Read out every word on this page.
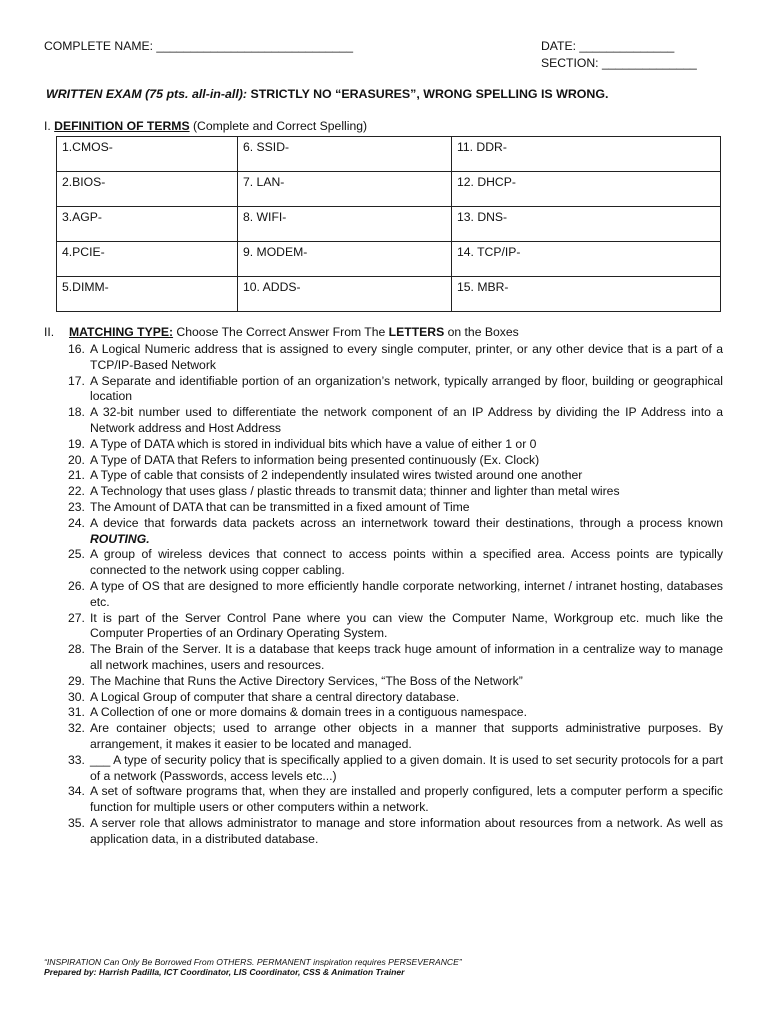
COMPLETE NAME: _____________________________	DATE: ______________
SECTION: ______________
WRITTEN EXAM (75 pts. all-in-all): STRICTLY NO “ERASURES”, WRONG SPELLING IS WRONG.
I. DEFINITION OF TERMS (Complete and Correct Spelling)
1.CMOS-	6. SSID-	11. DDR-
2.BIOS-	7. LAN-	12. DHCP-
3.AGP-	8. WIFI-	13. DNS-
4.PCIE-	9. MODEM-	14. TCP/IP-
5.DIMM-	10. ADDS-	15. MBR-
II. MATCHING TYPE: Choose The Correct Answer From The LETTERS on the Boxes
16. A Logical Numeric address that is assigned to every single computer, printer, or any other device that is a part of a TCP/IP-Based Network
17. A Separate and identifiable portion of an organization’s network, typically arranged by floor, building or geographical location
18. A 32-bit number used to differentiate the network component of an IP Address by dividing the IP Address into a Network address and Host Address
19. A Type of DATA which is stored in individual bits which have a value of either 1 or 0
20. A Type of DATA that Refers to information being presented continuously (Ex. Clock)
21. A Type of cable that consists of 2 independently insulated wires twisted around one another
22. A Technology that uses glass / plastic threads to transmit data; thinner and lighter than metal wires
23. The Amount of DATA that can be transmitted in a fixed amount of Time
24. A device that forwards data packets across an internetwork toward their destinations, through a process known ROUTING.
25. A group of wireless devices that connect to access points within a specified area. Access points are typically connected to the network using copper cabling.
26. A type of OS that are designed to more efficiently handle corporate networking, internet / intranet hosting, databases etc.
27. It is part of the Server Control Pane where you can view the Computer Name, Workgroup etc. much like the Computer Properties of an Ordinary Operating System.
28. The Brain of the Server. It is a database that keeps track huge amount of information in a centralize way to manage all network machines, users and resources.
29. The Machine that Runs the Active Directory Services, “The Boss of the Network”
30. A Logical Group of computer that share a central directory database.
31. A Collection of one or more domains & domain trees in a contiguous namespace.
32. Are container objects; used to arrange other objects in a manner that supports administrative purposes. By arrangement, it makes it easier to be located and managed.
33. ___ A type of security policy that is specifically applied to a given domain. It is used to set security protocols for a part of a network (Passwords, access levels etc...)
34. A set of software programs that, when they are installed and properly configured, lets a computer perform a specific function for multiple users or other computers within a network.
35. A server role that allows administrator to manage and store information about resources from a network. As well as application data, in a distributed database.
“INSPIRATION Can Only Be Borrowed From OTHERS. PERMANENT inspiration requires PERSEVERANCE”
Prepared by: Harrish Padilla, ICT Coordinator, LIS Coordinator, CSS & Animation Trainer
